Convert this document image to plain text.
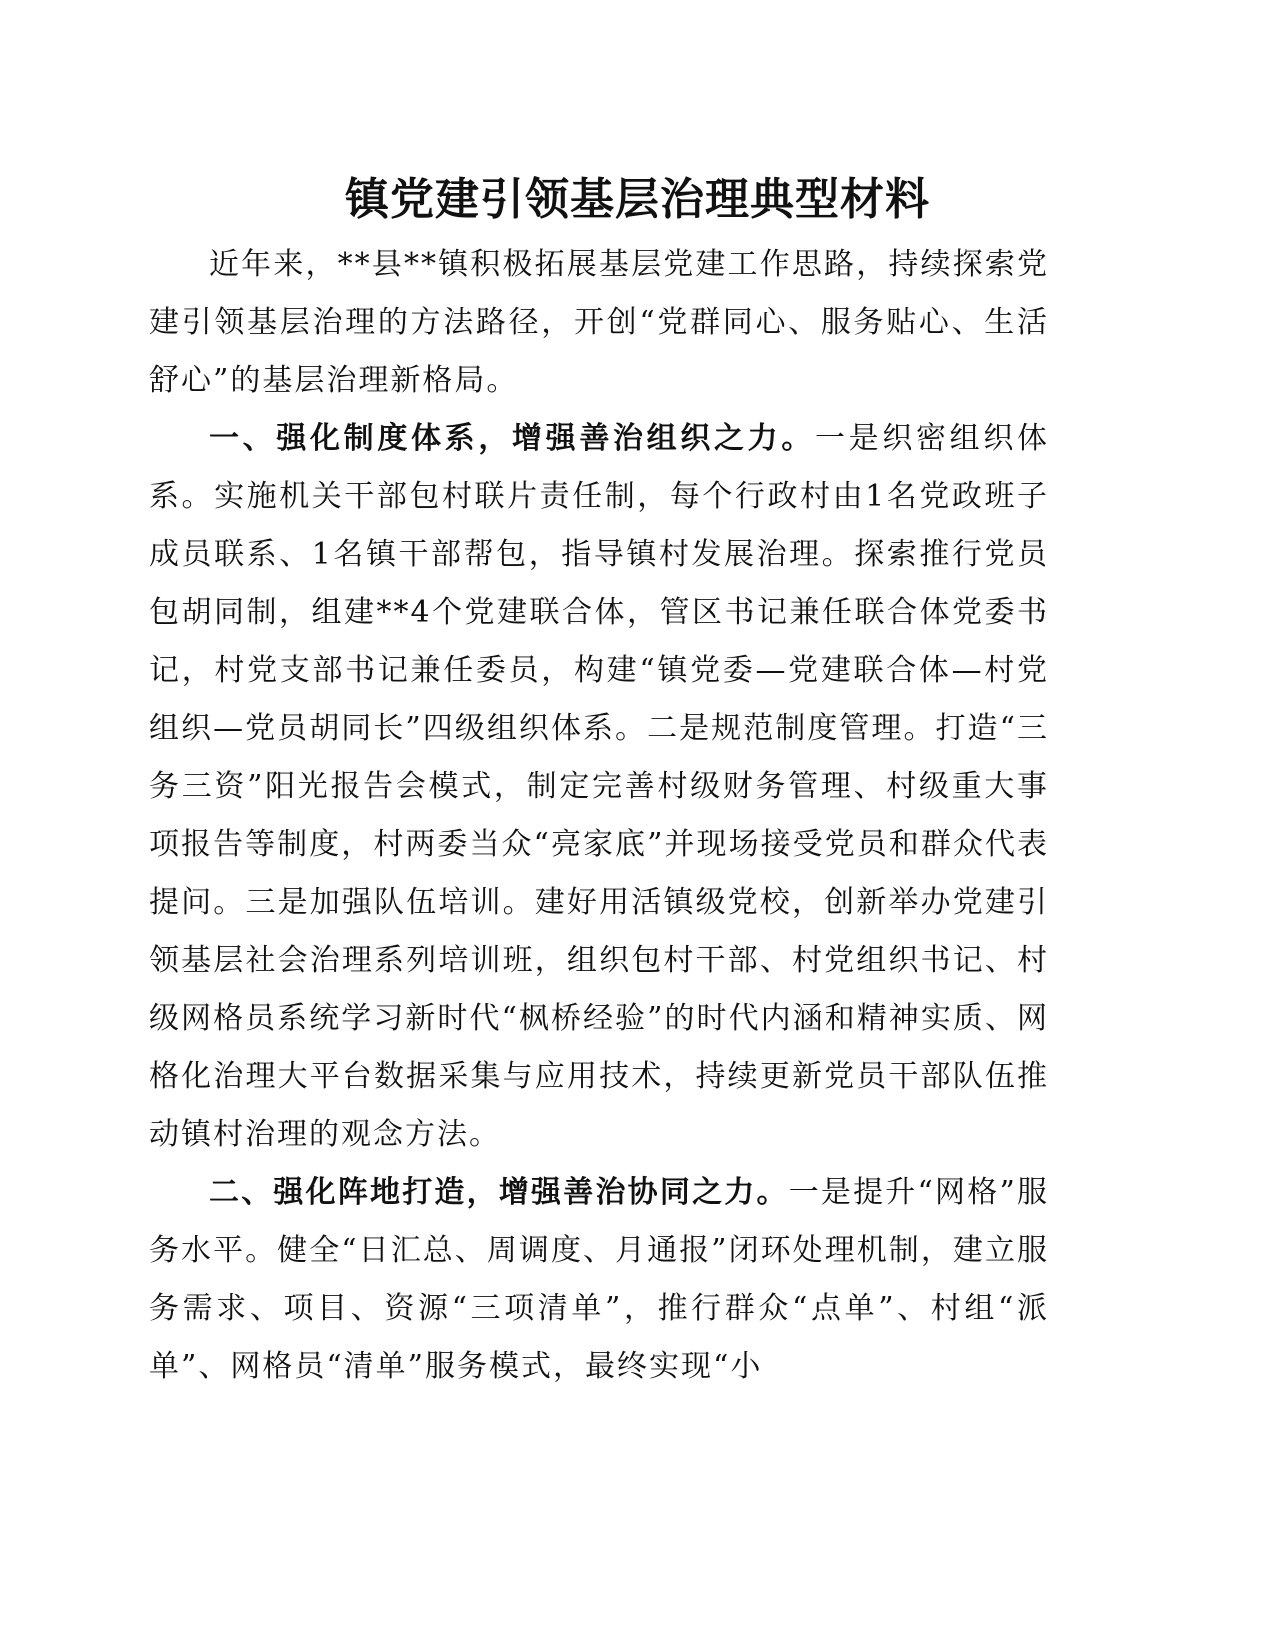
镇党建引领基层治理典型材料

近年来，**县**镇积极拓展基层党建工作思路，持续探索党建引领基层治理的方法路径，开创“党群同心、服务贴心、生活舒心”的基层治理新格局。

一、强化制度体系，增强善治组织之力。一是织密组织体系。实施机关干部包村联片责任制，每个行政村由1名党政班子成员联系、1名镇干部帮包，指导镇村发展治理。探索推行党员包胡同制，组建**4个党建联合体，管区书记兼任联合体党委书记，村党支部书记兼任委员，构建“镇党委—党建联合体—村党组织—党员胡同长”四级组织体系。二是规范制度管理。打造“三务三资”阳光报告会模式，制定完善村级财务管理、村级重大事项报告等制度，村两委当众“亮家底”并现场接受党员和群众代表提问。三是加强队伍培训。建好用活镇级党校，创新举办党建引领基层社会治理系列培训班，组织包村干部、村党组织书记、村级网格员系统学习新时代“枫桥经验”的时代内涵和精神实质、网格化治理大平台数据采集与应用技术，持续更新党员干部队伍推动镇村治理的观念方法。

二、强化阵地打造，增强善治协同之力。一是提升“网格”服务水平。健全“日汇总、周调度、月通报”闭环处理机制，建立服务需求、项目、资源“三项清单”，推行群众“点单”、村组“派单”、网格员“清单”服务模式，最终实现“小
